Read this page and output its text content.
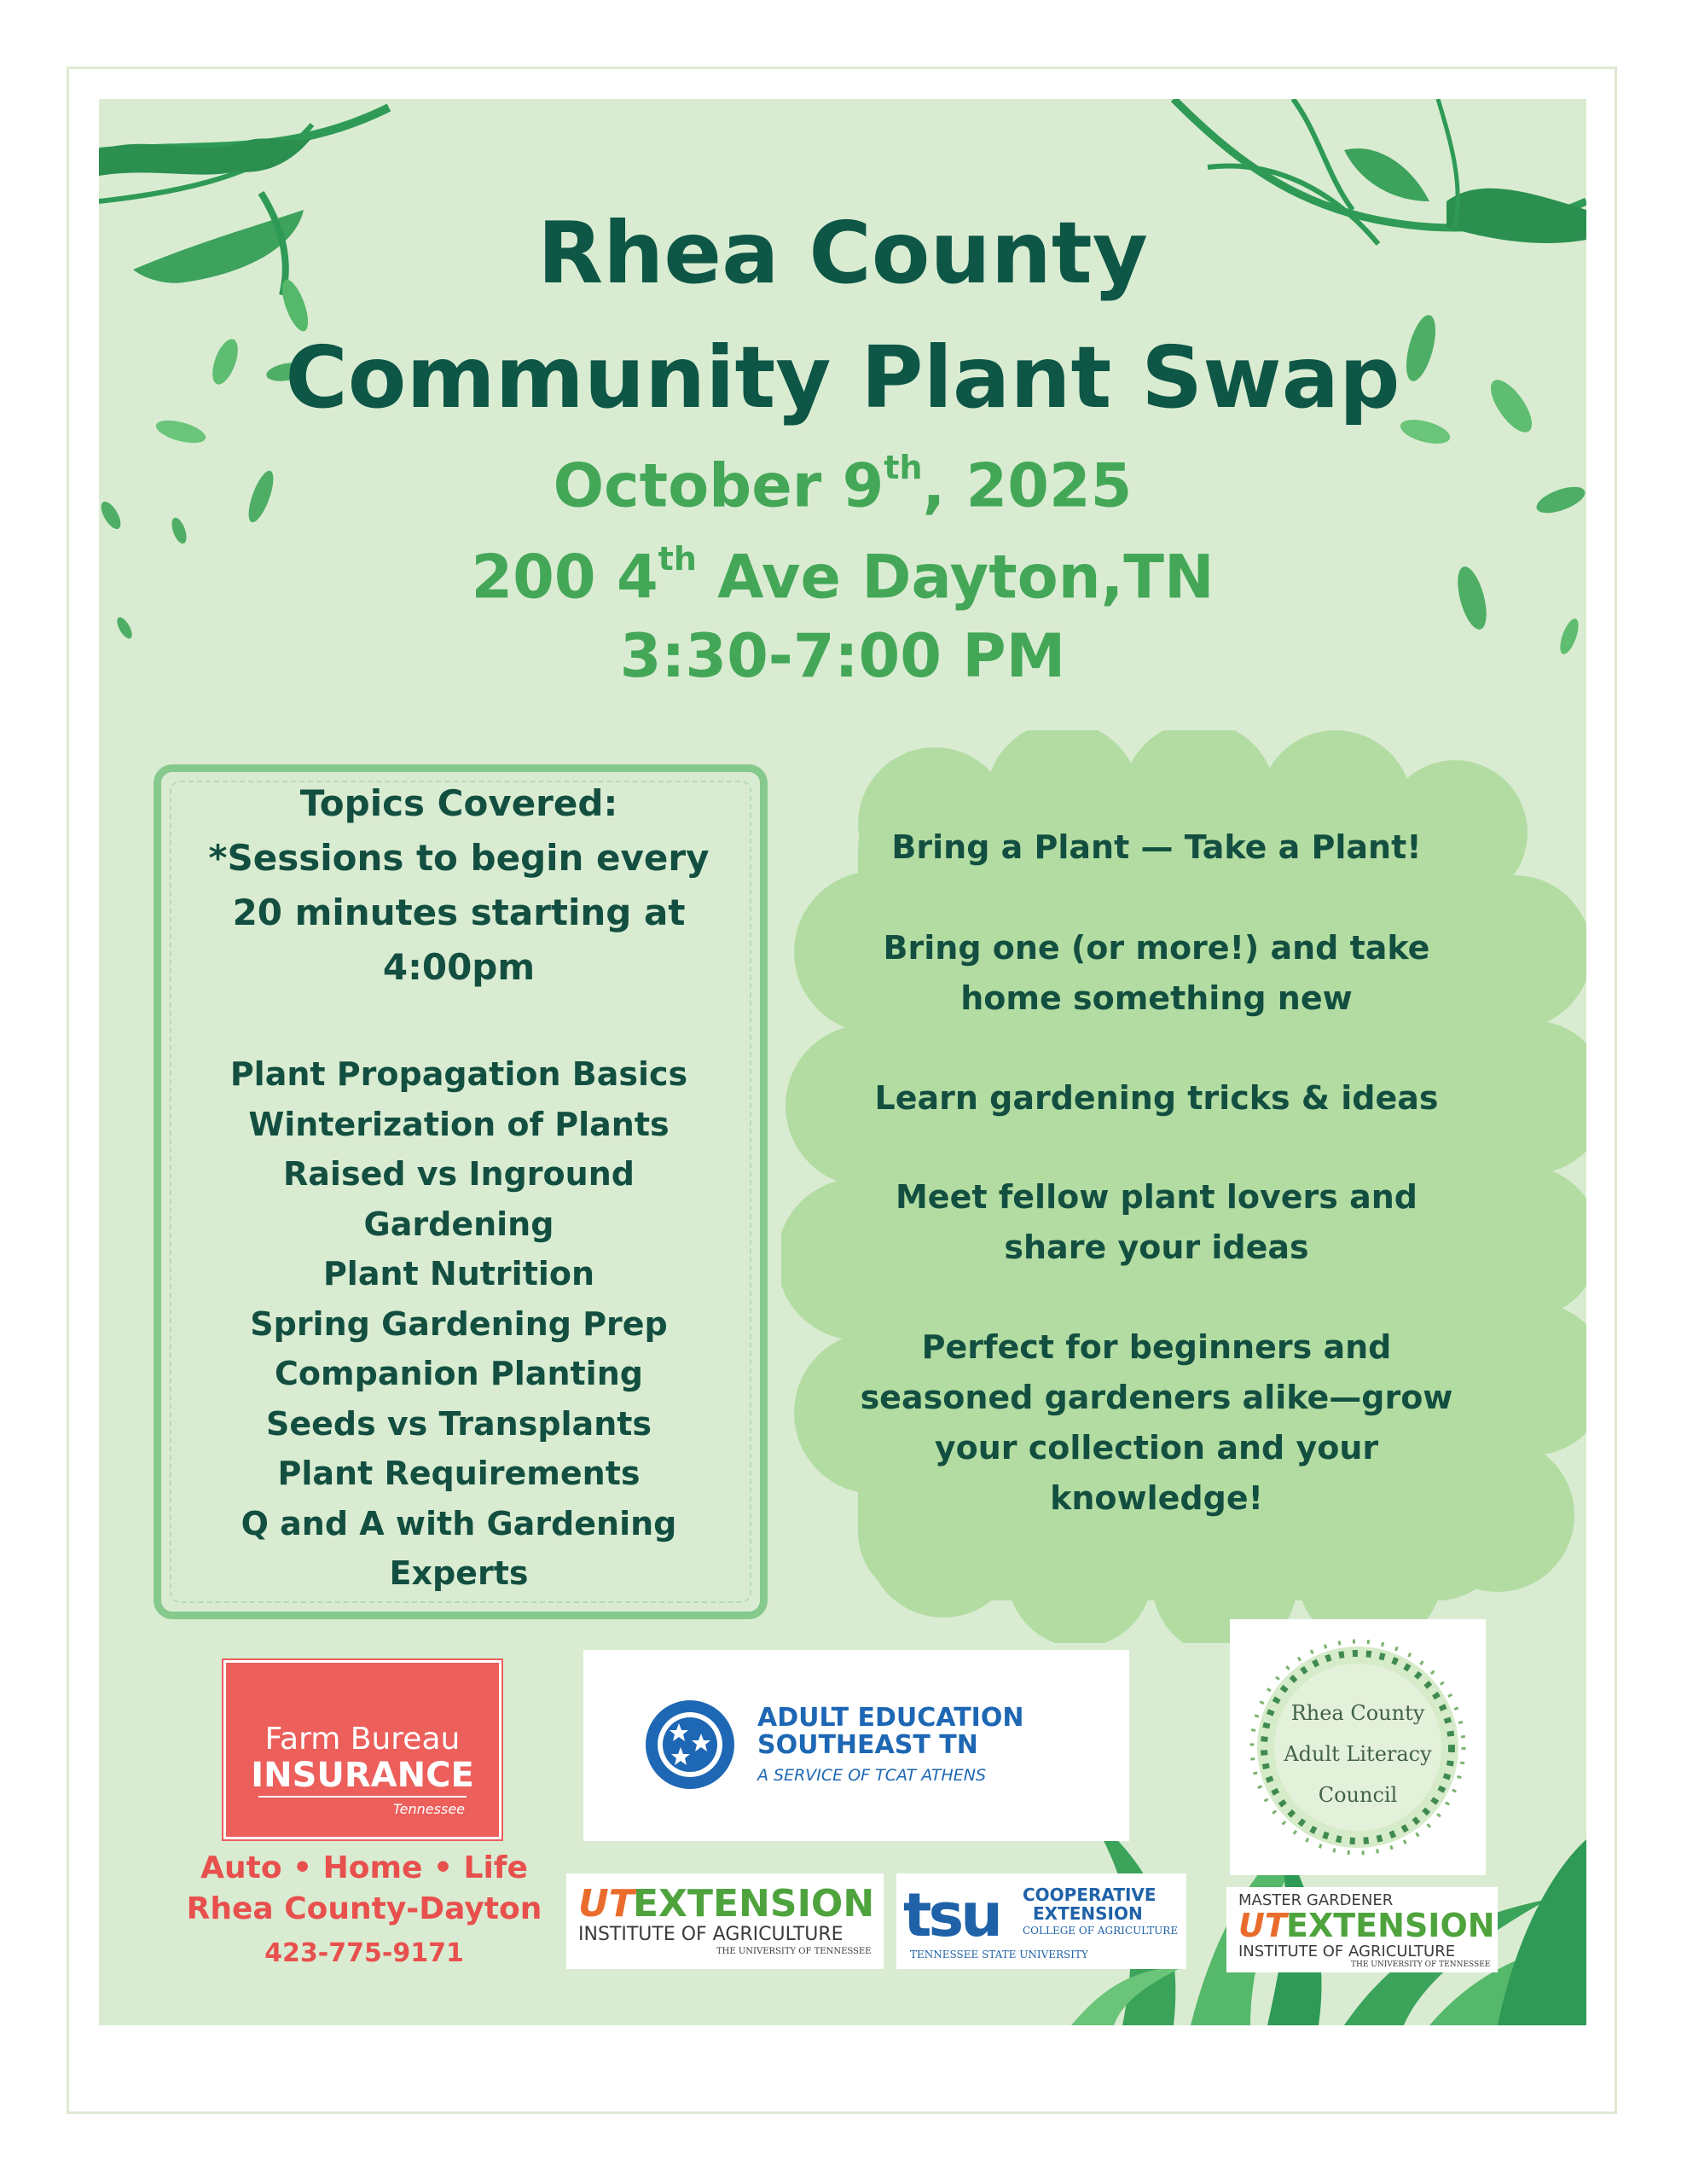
Rhea County
Community Plant Swap

October 9th, 2025

200 4th Ave Dayton,TN

3:30-7:00 PM

Topics Covered:
*Sessions to begin every
20 minutes starting at
4:00pm
Plant Propagation Basics
Winterization of Plants
Raised vs Inground
Gardening
Plant Nutrition
Spring Gardening Prep
Companion Planting
Seeds vs Transplants
Plant Requirements
Q and A with Gardening
Experts
Bring a Plant — Take a Plant!
Bring one (or more!) and take
home something new
Learn gardening tricks & ideas
Meet fellow plant lovers and
share your ideas
Perfect for beginners and
seasoned gardeners alike—grow
your collection and your
knowledge!
Farm Bureau
INSURANCE
Tennessee

Auto • Home • Life

Rhea County-Dayton

423-775-9171

ADULT EDUCATION
SOUTHEAST TN
A SERVICE OF TCAT ATHENS
Rhea County
Adult Literacy
Council
UT
EXTENSION
INSTITUTE OF AGRICULTURE
THE UNIVERSITY OF TENNESSEE
tsu COOPERATIVE
EXTENSION
COLLEGE OF AGRICULTURE
TENNESSEE STATE UNIVERSITY
MASTER GARDENER
UT EXTENSION
INSTITUTE OF AGRICULTURE
THE UNIVERSITY OF TENNESSEE
